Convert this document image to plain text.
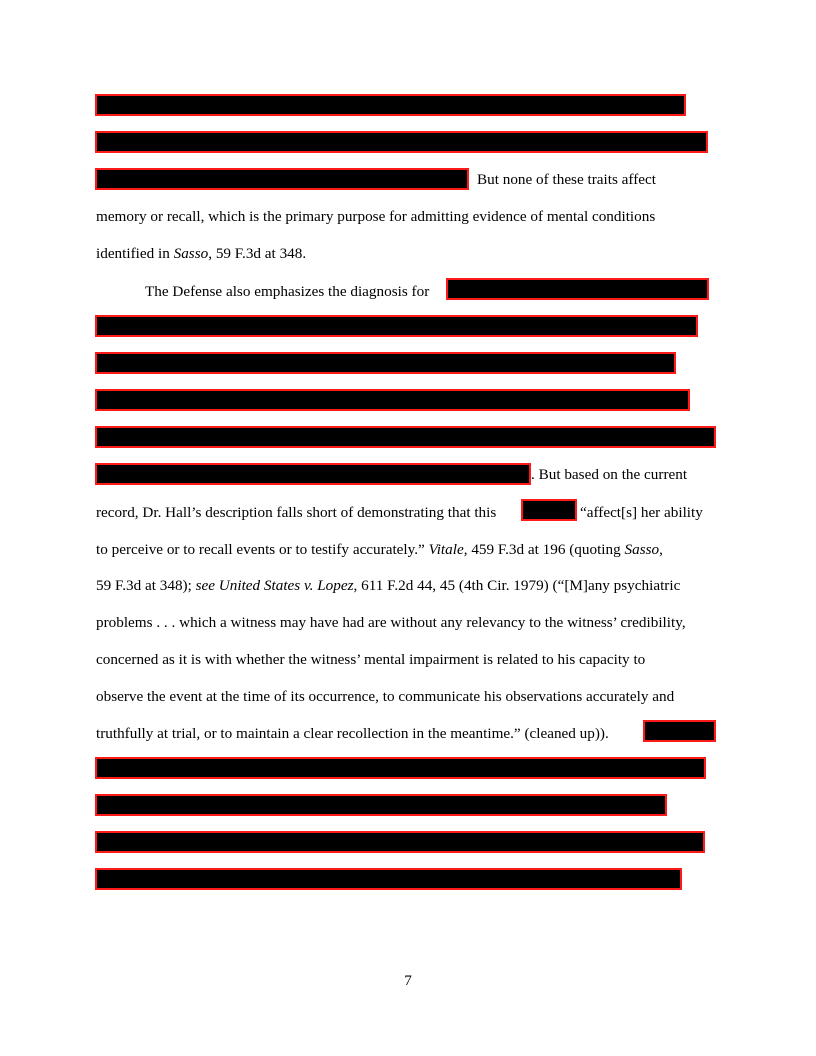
But none of these traits affect
memory or recall, which is the primary purpose for admitting evidence of mental conditions
identified in Sasso, 59 F.3d at 348.
The Defense also emphasizes the diagnosis for
. But based on the current
record, Dr. Hall’s description falls short of demonstrating that this	“affect[s] her ability
to perceive or to recall events or to testify accurately.” Vitale, 459 F.3d at 196 (quoting Sasso,
59 F.3d at 348); see United States v. Lopez, 611 F.2d 44, 45 (4th Cir. 1979) (“[M]any psychiatric
problems . . . which a witness may have had are without any relevancy to the witness’ credibility,
concerned as it is with whether the witness’ mental impairment is related to his capacity to
observe the event at the time of its occurrence, to communicate his observations accurately and
truthfully at trial, or to maintain a clear recollection in the meantime.” (cleaned up)).
7
